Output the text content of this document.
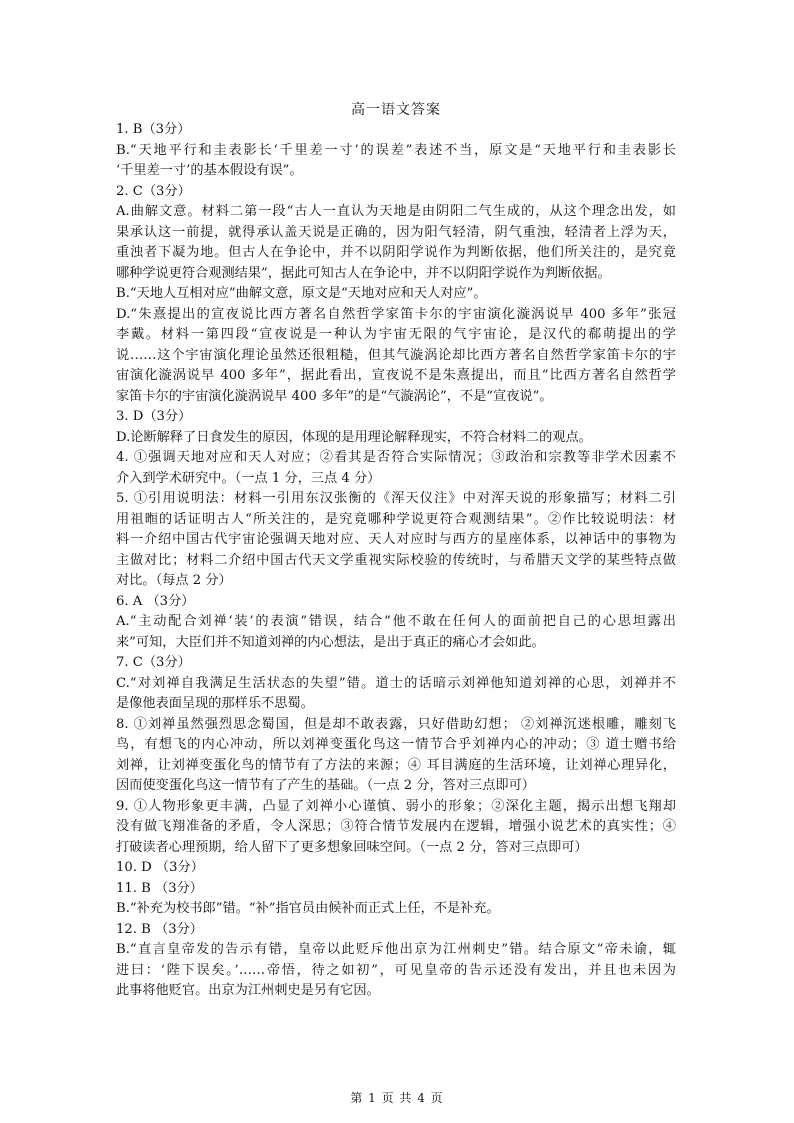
高一语文答案
1. B（3分）
B.“天地平行和圭表影长‘千里差一寸’的误差”表述不当，原文是“天地平行和圭表影长
‘千里差一寸’的基本假设有误”。
2. C（3分）
A.曲解文意。材料二第一段“古人一直认为天地是由阴阳二气生成的，从这个理念出发，如
果承认这一前提，就得承认盖天说是正确的，因为阳气轻清，阴气重浊，轻清者上浮为天，
重浊者下凝为地。但古人在争论中，并不以阴阳学说作为判断依据，他们所关注的，是究竟
哪种学说更符合观测结果”，据此可知古人在争论中，并不以阴阳学说作为判断依据。
B.“天地人互相对应”曲解文意，原文是“天地对应和天人对应”。
D.“朱熹提出的宣夜说比西方著名自然哲学家笛卡尔的宇宙演化漩涡说早 400 多年”张冠
李戴。材料一第四段“宣夜说是一种认为宇宙无限的气宇宙论，是汉代的郗萌提出的学
说……这个宇宙演化理论虽然还很粗糙，但其气漩涡论却比西方著名自然哲学家笛卡尔的宇
宙演化漩涡说早 400 多年”，据此看出，宣夜说不是朱熹提出，而且“比西方著名自然哲学
家笛卡尔的宇宙演化漩涡说早 400 多年”的是“气漩涡论”，不是“宣夜说”。
3. D（3分）
D.论断解释了日食发生的原因，体现的是用理论解释现实，不符合材料二的观点。
4. ①强调天地对应和天人对应；②看其是否符合实际情况；③政治和宗教等非学术因素不
介入到学术研究中。（一点 1 分，三点 4 分）
5. ①引用说明法：材料一引用东汉张衡的《浑天仪注》中对浑天说的形象描写；材料二引
用祖暅的话证明古人“所关注的，是究竟哪种学说更符合观测结果”。②作比较说明法：材
料一介绍中国古代宇宙论强调天地对应、天人对应时与西方的星座体系，以神话中的事物为
主做对比；材料二介绍中国古代天文学重视实际校验的传统时，与希腊天文学的某些特点做
对比。（每点 2 分）
6. A （3分）
A.“主动配合刘禅‘装’的表演”错误，结合“他不敢在任何人的面前把自己的心思坦露出
来”可知，大臣们并不知道刘禅的内心想法，是出于真正的痛心才会如此。
7. C（3分）
C.“对刘禅自我满足生活状态的失望”错。道士的话暗示刘禅他知道刘禅的心思，刘禅并不
是像他表面呈现的那样乐不思蜀。
8. ①刘禅虽然强烈思念蜀国，但是却不敢表露，只好借助幻想； ②刘禅沉迷根雕，雕刻飞
鸟，有想飞的内心冲动，所以刘禅变蛋化鸟这一情节合乎刘禅内心的冲动；③ 道士赠书给
刘禅，让刘禅变蛋化鸟的情节有了方法的来源；④ 耳目满庭的生活环境，让刘禅心理异化，
因而使变蛋化鸟这一情节有了产生的基础。（一点 2 分，答对三点即可）
9. ①人物形象更丰满，凸显了刘禅小心谨慎、弱小的形象；②深化主题，揭示出想飞翔却
没有做飞翔准备的矛盾，令人深思；③符合情节发展内在逻辑，增强小说艺术的真实性；④
打破读者心理预期，给人留下了更多想象回味空间。（一点 2 分，答对三点即可）
10. D （3分）
11. B （3分）
B.“补充为校书郎”错。“补”指官员由候补而正式上任，不是补充。
12. B （3分）
B.“直言皇帝发的告示有错，皇帝以此贬斥他出京为江州刺史”错。结合原文“帝未谕，辄
进曰：‘陛下误矣。’……帝悟，待之如初”，可见皇帝的告示还没有发出，并且也未因为
此事将他贬官。出京为江州刺史是另有它因。
第 1 页 共 4 页
